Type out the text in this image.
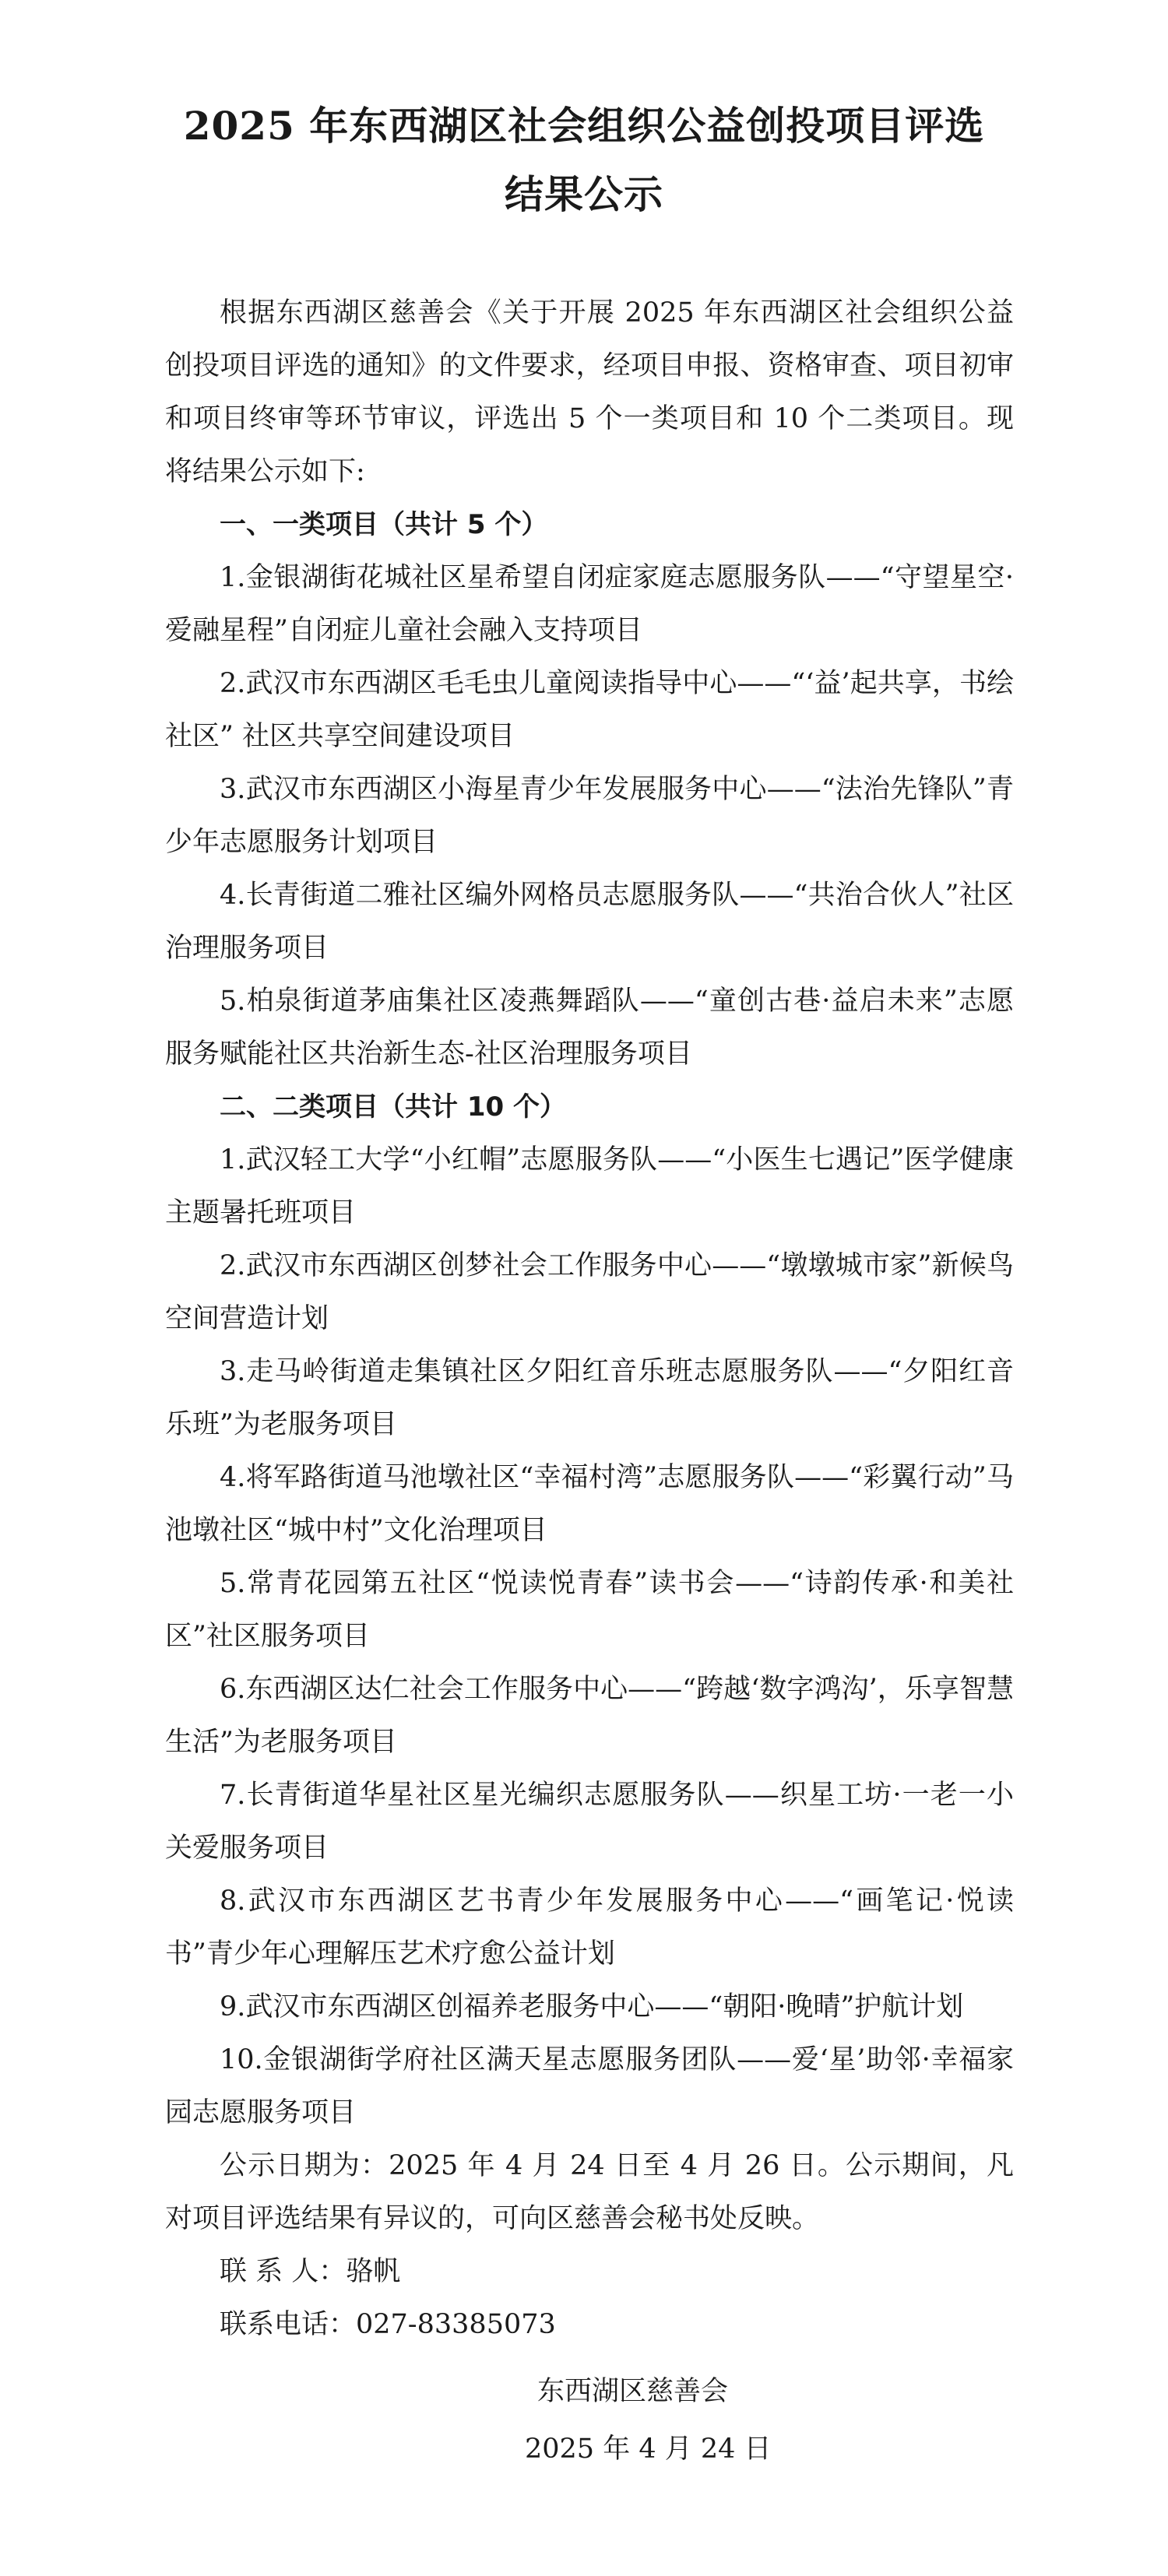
2025 年东西湖区社会组织公益创投项目评选
结果公示

根据东西湖区慈善会《关于开展 2025 年东西湖区社会组织公益创投项目评选的通知》的文件要求，经项目申报、资格审查、项目初审和项目终审等环节审议，评选出 5 个一类项目和 10 个二类项目。现将结果公示如下:

一、一类项目（共计 5 个）

1.金银湖街花城社区星希望自闭症家庭志愿服务队——“守望星空·爱融星程”自闭症儿童社会融入支持项目

2.武汉市东西湖区毛毛虫儿童阅读指导中心——“‘益’起共享，书绘社区” 社区共享空间建设项目

3.武汉市东西湖区小海星青少年发展服务中心——“法治先锋队”青少年志愿服务计划项目

4.长青街道二雅社区编外网格员志愿服务队——“共治合伙人”社区治理服务项目

5.柏泉街道茅庙集社区凌燕舞蹈队——“童创古巷·益启未来”志愿服务赋能社区共治新生态-社区治理服务项目

二、二类项目（共计 10 个）

1.武汉轻工大学“小红帽”志愿服务队——“小医生七遇记”医学健康主题暑托班项目

2.武汉市东西湖区创梦社会工作服务中心——“墩墩城市家”新候鸟空间营造计划

3.走马岭街道走集镇社区夕阳红音乐班志愿服务队——“夕阳红音乐班”为老服务项目

4.将军路街道马池墩社区“幸福村湾”志愿服务队——“彩翼行动”马池墩社区“城中村”文化治理项目

5.常青花园第五社区“悦读悦青春”读书会——“诗韵传承·和美社区”社区服务项目

6.东西湖区达仁社会工作服务中心——“跨越‘数字鸿沟’，乐享智慧生活”为老服务项目

7.长青街道华星社区星光编织志愿服务队——织星工坊·一老一小关爱服务项目

8.武汉市东西湖区艺书青少年发展服务中心——“画笔记·悦读书”青少年心理解压艺术疗愈公益计划

9.武汉市东西湖区创福养老服务中心——“朝阳·晚晴”护航计划

10.金银湖街学府社区满天星志愿服务团队——爱‘星’助邻·幸福家园志愿服务项目

公示日期为：2025 年 4 月 24 日至 4 月 26 日。公示期间，凡对项目评选结果有异议的，可向区慈善会秘书处反映。

联 系 人：骆帆

联系电话：027-83385073

东西湖区慈善会
2025 年 4 月 24 日
